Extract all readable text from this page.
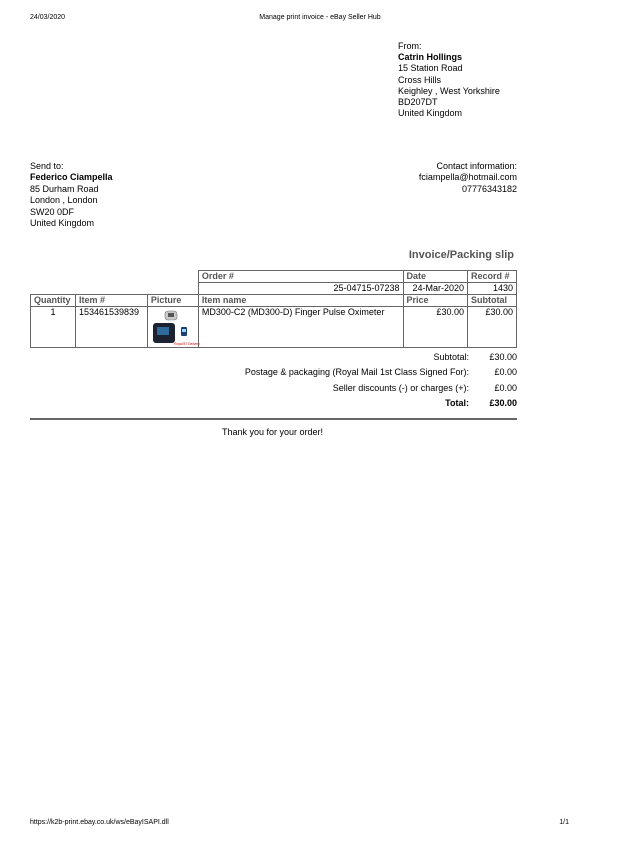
24/03/2020	Manage print invoice - eBay Seller Hub
From:
Catrin Hollings
15 Station Road
Cross Hills
Keighley , West Yorkshire
BD207DT
United Kingdom
Send to:
Federico Ciampella
85 Durham Road
London , London
SW20 0DF
United Kingdom
Contact information:
fciampella@hotmail.com
07776343182
Invoice/Packing slip
			Order #	Date	Record #
			25-04715-07238	24-Mar-2020	1430
Quantity	Item #	Picture	Item name	Price	Subtotal
1	153461539839	Royal BT Delivery	MD300-C2 (MD300-D) Finger Pulse Oximeter	£30.00	£30.00
Subtotal:	£30.00
Postage & packaging (Royal Mail 1st Class Signed For):	£0.00
Seller discounts (-) or charges (+):	£0.00
Total:	£30.00
Thank you for your order!
https://k2b-print.ebay.co.uk/ws/eBayISAPI.dll	1/1
